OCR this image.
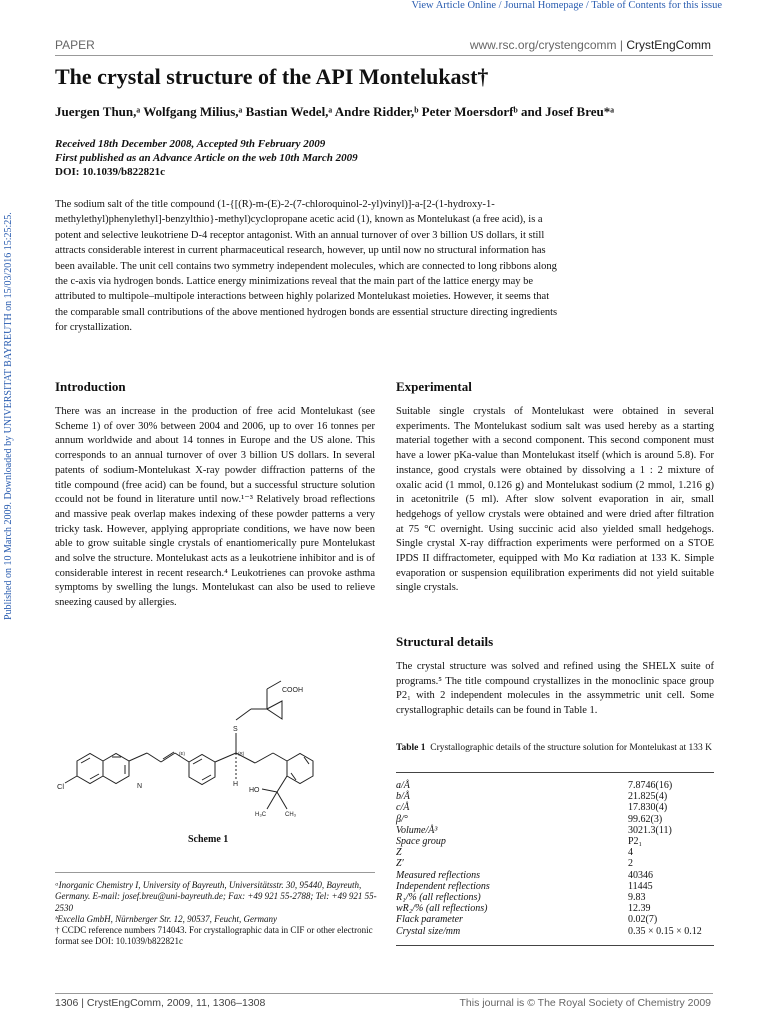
View Article Online / Journal Homepage / Table of Contents for this issue
Published on 10 March 2009. Downloaded by UNIVERSITAT BAYREUTH on 15/03/2016 15:25:25.
PAPER	www.rsc.org/crystengcomm | CrystEngComm
The crystal structure of the API Montelukast†
Juergen Thun,ᵃ Wolfgang Milius,ᵃ Bastian Wedel,ᵃ Andre Ridder,ᵇ Peter Moersdorfᵇ and Josef Breu*ᵃ
Received 18th December 2008, Accepted 9th February 2009
First published as an Advance Article on the web 10th March 2009
DOI: 10.1039/b822821c
The sodium salt of the title compound (1-{[(R)-m-(E)-2-(7-chloroquinol-2-yl)vinyl)]-a-[2-(1-hydroxy-1-methylethyl)phenylethyl]-benzylthio}-methyl)cyclopropane acetic acid (1), known as Montelukast (a free acid), is a potent and selective leukotriene D-4 receptor antagonist. With an annual turnover of over 3 billion US dollars, it still attracts considerable interest in current pharmaceutical research, however, up until now no structural information has been available. The unit cell contains two symmetry independent molecules, which are connected to long ribbons along the c-axis via hydrogen bonds. Lattice energy minimizations reveal that the main part of the lattice energy may be attributed to multipole–multipole interactions between highly polarized Montelukast moieties. However, it seems that the comparable small contributions of the above mentioned hydrogen bonds are essential structure directing ingredients for crystallization.
Introduction
There was an increase in the production of free acid Montelukast (see Scheme 1) of over 30% between 2004 and 2006, up to over 16 tonnes per annum worldwide and about 14 tonnes in Europe and the US alone. This corresponds to an annual turnover of over 3 billion US dollars. In several patents of sodium-Montelukast X-ray powder diffraction patterns of the title compound (free acid) can be found, but a successful structure solution ccould not be found in literature until now.¹⁻³ Relatively broad reflections and massive peak overlap makes indexing of these powder patterns a very tricky task. However, applying appropriate conditions, we have now been able to grow suitable single crystals of enantiomerically pure Montelukast and solve the structure. Montelukast acts as a leukotriene inhibitor and is of considerable interest in recent research.⁴ Leukotrienes can provoke asthma symptoms by swelling the lungs. Montelukast can also be used to relieve sneezing caused by allergies.
Experimental
Suitable single crystals of Montelukast were obtained in several experiments. The Montelukast sodium salt was used hereby as a starting material together with a second component. This second component must have a lower pKa-value than Montelukast itself (which is around 5.8). For instance, good crystals were obtained by dissolving a 1 : 2 mixture of oxalic acid (1 mmol, 0.126 g) and Montelukast sodium (2 mmol, 1.216 g) in acetonitrile (5 ml). After slow solvent evaporation in air, small hedgehogs of yellow crystals were obtained and were dried after filtration at 75 °C overnight. Using succinic acid also yielded small hedgehogs. Single crystal X-ray diffraction experiments were performed on a STOE IPDS II diffractometer, equipped with Mo Kα radiation at 133 K. Simple evaporation or suspension equilibration experiments did not yield suitable single crystals.
Structural details
The crystal structure was solved and refined using the SHELX suite of programs.⁵ The title compound crystallizes in the monoclinic space group P2₁ with 2 independent molecules in the assymmetric unit cell. Some crystallographic details can be found in Table 1.
Cl	N
(E)	(R)
S
H
COOH
HO
H₃C	CH₃
Scheme 1
ᵃInorganic Chemistry I, University of Bayreuth, Universitätsstr. 30, 95440, Bayreuth, Germany. E-mail: josef.breu@uni-bayreuth.de; Fax: +49 921 55-2788; Tel: +49 921 55-2530
ᵇExcella GmbH, Nürnberger Str. 12, 90537, Feucht, Germany
† CCDC reference numbers 714043. For crystallographic data in CIF or other electronic format see DOI: 10.1039/b822821c
Table 1 Crystallographic details of the structure solution for Montelukast at 133 K
a/Å	7.8746(16)
b/Å	21.825(4)
c/Å	17.830(4)
β/°	99.62(3)
Volume/Å³	3021.3(11)
Space group	P2₁
Z	4
Z′	2
Measured reflections	40346
Independent reflections	11445
R₁/% (all reflections)	9.83
wR₂/% (all reflections)	12.39
Flack parameter	0.02(7)
Crystal size/mm	0.35 × 0.15 × 0.12
1306 | CrystEngComm, 2009, 11, 1306–1308	This journal is © The Royal Society of Chemistry 2009
